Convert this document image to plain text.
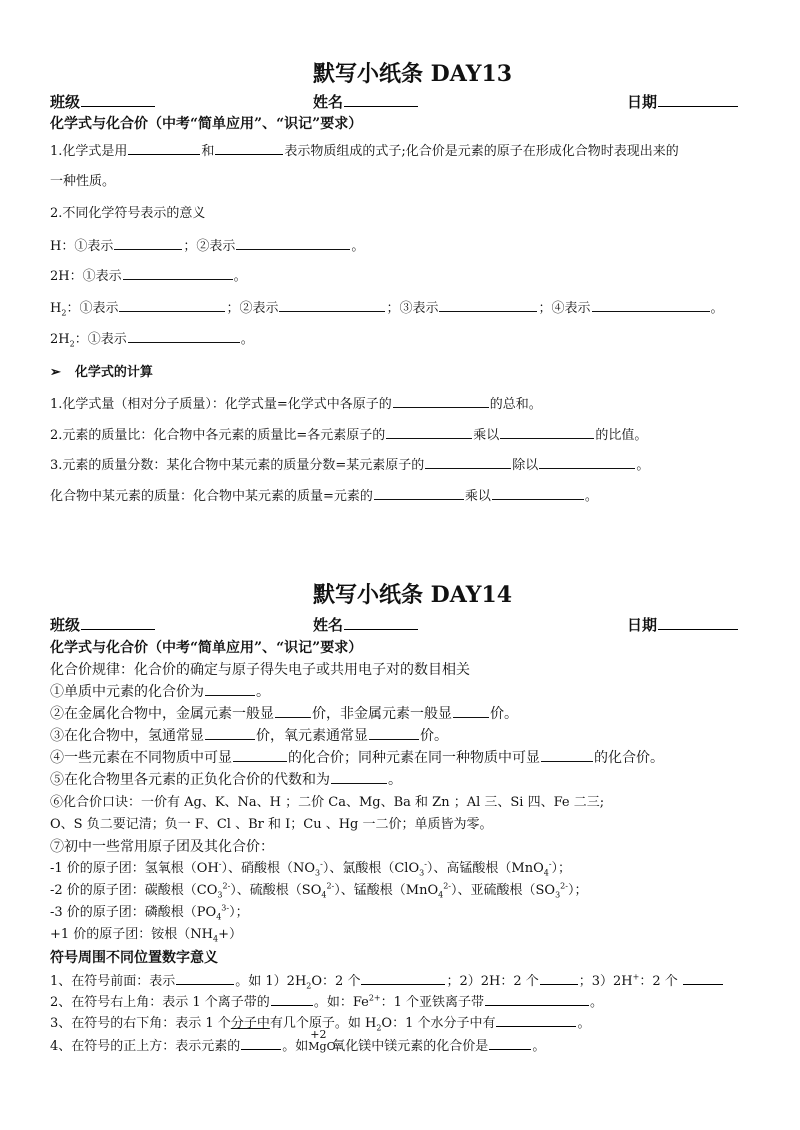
默写小纸条 DAY13
班级	姓名	日期
化学式与化合价（中考“简单应用”、“识记”要求）
1.化学式是用	和	表示物质组成的式子;化合价是元素的原子在形成化合物时表现出来的
一种性质。
2.不同化学符号表示的意义
H：①表示	；②表示	。
2H：①表示	。
$H_2$：①表示	；②表示	；③表示	；④表示	。
$2H_2$：①表示	。
➢ 化学式的计算
1.化学式量（相对分子质量）：化学式量=化学式中各原子的	的总和。
2.元素的质量比：化合物中各元素的质量比=各元素原子的	乘以	的比值。
3.元素的质量分数：某化合物中某元素的质量分数=某元素原子的	除以	。
化合物中某元素的质量：化合物中某元素的质量=元素的	乘以	。
默写小纸条 DAY14
班级	姓名	日期
化学式与化合价（中考“简单应用”、“识记”要求）
化合价规律：化合价的确定与原子得失电子或共用电子对的数目相关
①单质中元素的化合价为	。
②在金属化合物中，金属元素一般显	价，非金属元素一般显	价。
③在化合物中，氢通常显	价，氧元素通常显	价。
④一些元素在不同物质中可显	的化合价；同种元素在同一种物质中可显	的化合价。
⑤在化合物里各元素的正负化合价的代数和为	。
⑥化合价口诀：一价有 Ag、K、Na、H ；二价 Ca、Mg、Ba 和 Zn ；Al 三、Si 四、Fe 二三;
O、S 负二要记清；负一 F、Cl 、Br 和 I；Cu 、Hg 一二价；单质皆为零。
⑦初中一些常用原子团及其化合价：
-1 价的原子团：氢氧根（OH-）、硝酸根$(NO_3^-)$、氯酸根（ClO$_3$-）、高锰酸根（MnO$_4$-）；
-2 价的原子团：碳酸根$(CO_3^{2-})$、硫酸根$(SO_4^{2-})$、锰酸根（MnO$_4^{2-}$）、亚硫酸根$(SO_3^{2-})$；
-3 价的原子团：磷酸根$(PO_4^{3-})$；
+1 价的原子团：铵根$(NH_4+)$
符号周围不同位置数字意义
1、在符号前面：表示	。如 $1)2H_2O$：2 个	；2）2H：2 个	；3）2H+：2 个
2、在符号右上角：表示 1 个离子带的	。如：$Fe^{2+}$：1 个亚铁离子带	。
3、在符号的右下角：表示 1 个分子中有几个原子。如 $H_2O$：1 个水分子中有	。
4、在符号的正上方：表示元素的	。如
+2
MgO氧化镁中镁元素的化合价是	。
